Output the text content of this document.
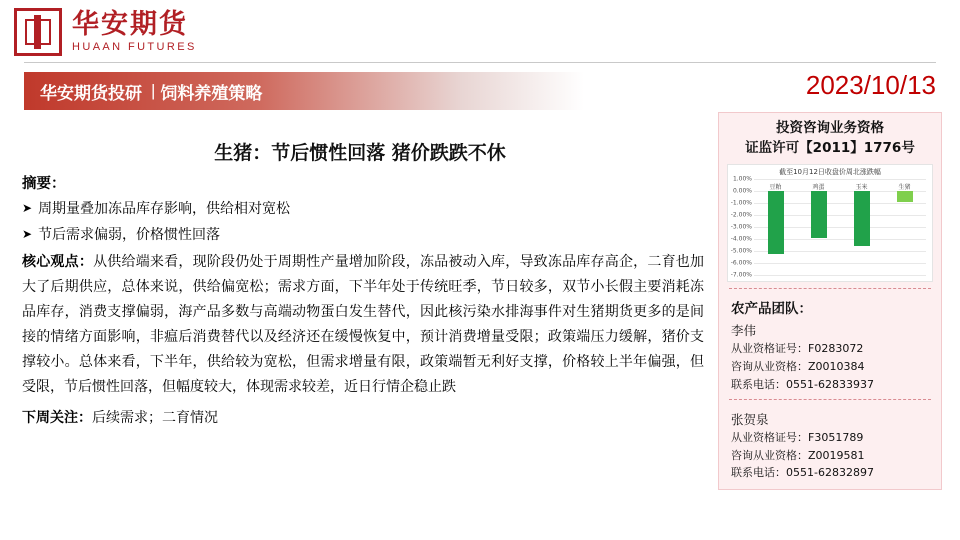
华安期货
HUAAN FUTURES
华安期货投研 | 饲料养殖策略	2023/10/13
生猪：节后惯性回落 猪价跌跌不休
摘要：
➤ 周期量叠加冻品库存影响，供给相对宽松
➤ 节后需求偏弱，价格惯性回落
核心观点：从供给端来看，现阶段仍处于周期性产量增加阶段，冻品被动入库，导致冻品库存高企，二育也加大了后期供应，总体来说，供给偏宽松；需求方面，下半年处于传统旺季，节日较多，双节小长假主要消耗冻品库存，消费支撑偏弱，海产品多数与高端动物蛋白发生替代，因此核污染水排海事件对生猪期货更多的是间接的情绪方面影响，非瘟后消费替代以及经济还在缓慢恢复中，预计消费增量受限；政策端压力缓解，猪价支撑较小。总体来看，下半年，供给较为宽松，但需求增量有限，政策端暂无利好支撑，价格较上半年偏强，但受限，节后惯性回落，但幅度较大，体现需求较差，近日行情企稳止跌
下周关注：后续需求；二育情况
投资咨询业务资格
证监许可【2011】1776号
截至10月12日收盘价周北涨跌幅
1.00%
0.00%
-1.00%
-2.00%
-3.00%
-4.00%
-5.00%
-6.00%
-7.00%
豆粕	鸡蛋	玉米	生猪
农产品团队：
李伟
从业资格证号：F0283072
咨询从业资格：Z0010384
联系电话：0551-62833937
张贺泉
从业资格证号：F3051789
咨询从业资格：Z0019581
联系电话：0551-62832897
